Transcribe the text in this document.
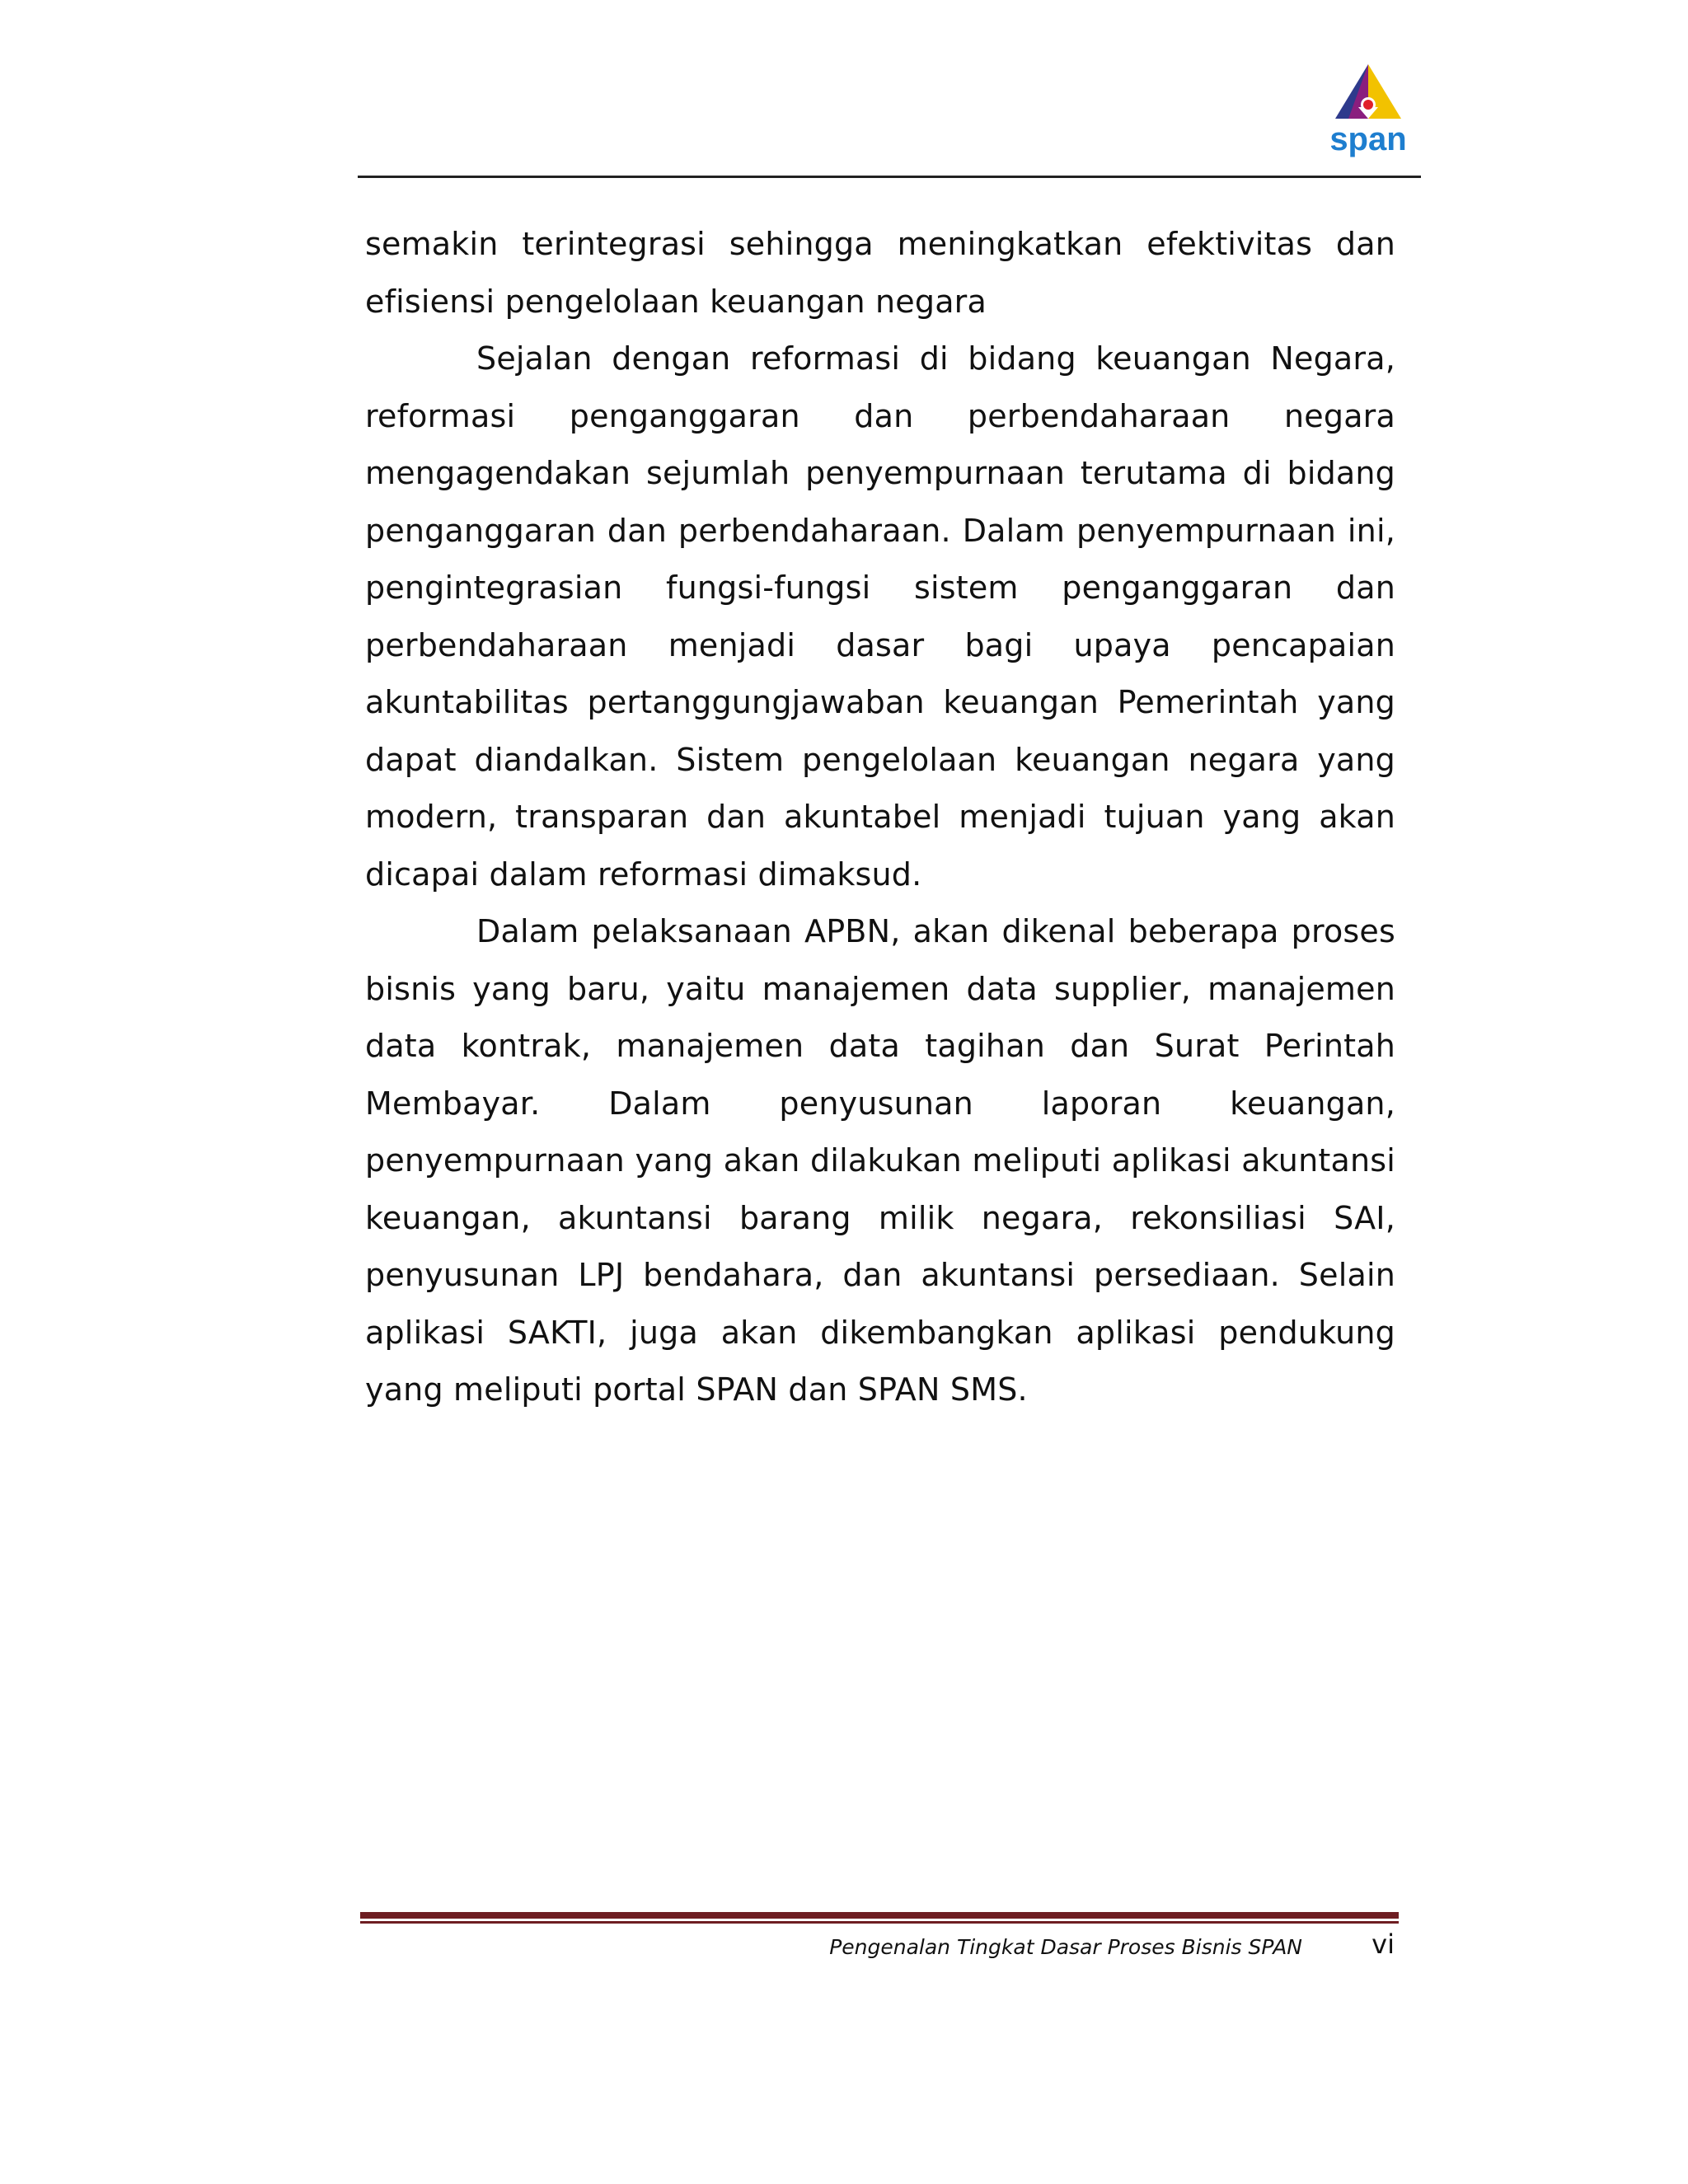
span

semakin terintegrasi sehingga meningkatkan efektivitas dan efisiensi pengelolaan keuangan negara

Sejalan dengan reformasi di bidang keuangan Negara, reformasi penganggaran dan perbendaharaan negara mengagendakan sejumlah penyempurnaan terutama di bidang penganggaran dan perbendaharaan. Dalam penyempurnaan ini, pengintegrasian fungsi-fungsi sistem penganggaran dan perbendaharaan menjadi dasar bagi upaya pencapaian akuntabilitas pertanggungjawaban keuangan Pemerintah yang dapat diandalkan. Sistem pengelolaan keuangan negara yang modern, transparan dan akuntabel menjadi tujuan yang akan dicapai dalam reformasi dimaksud.

Dalam pelaksanaan APBN, akan dikenal beberapa proses bisnis yang baru, yaitu manajemen data supplier, manajemen data kontrak, manajemen data tagihan dan Surat Perintah Membayar. Dalam penyusunan laporan keuangan, penyempurnaan yang akan dilakukan meliputi aplikasi akuntansi keuangan, akuntansi barang milik negara, rekonsiliasi SAI, penyusunan LPJ bendahara, dan akuntansi persediaan. Selain aplikasi SAKTI, juga akan dikembangkan aplikasi pendukung yang meliputi portal SPAN dan SPAN SMS.

Pengenalan Tingkat Dasar Proses Bisnis SPAN	vi
